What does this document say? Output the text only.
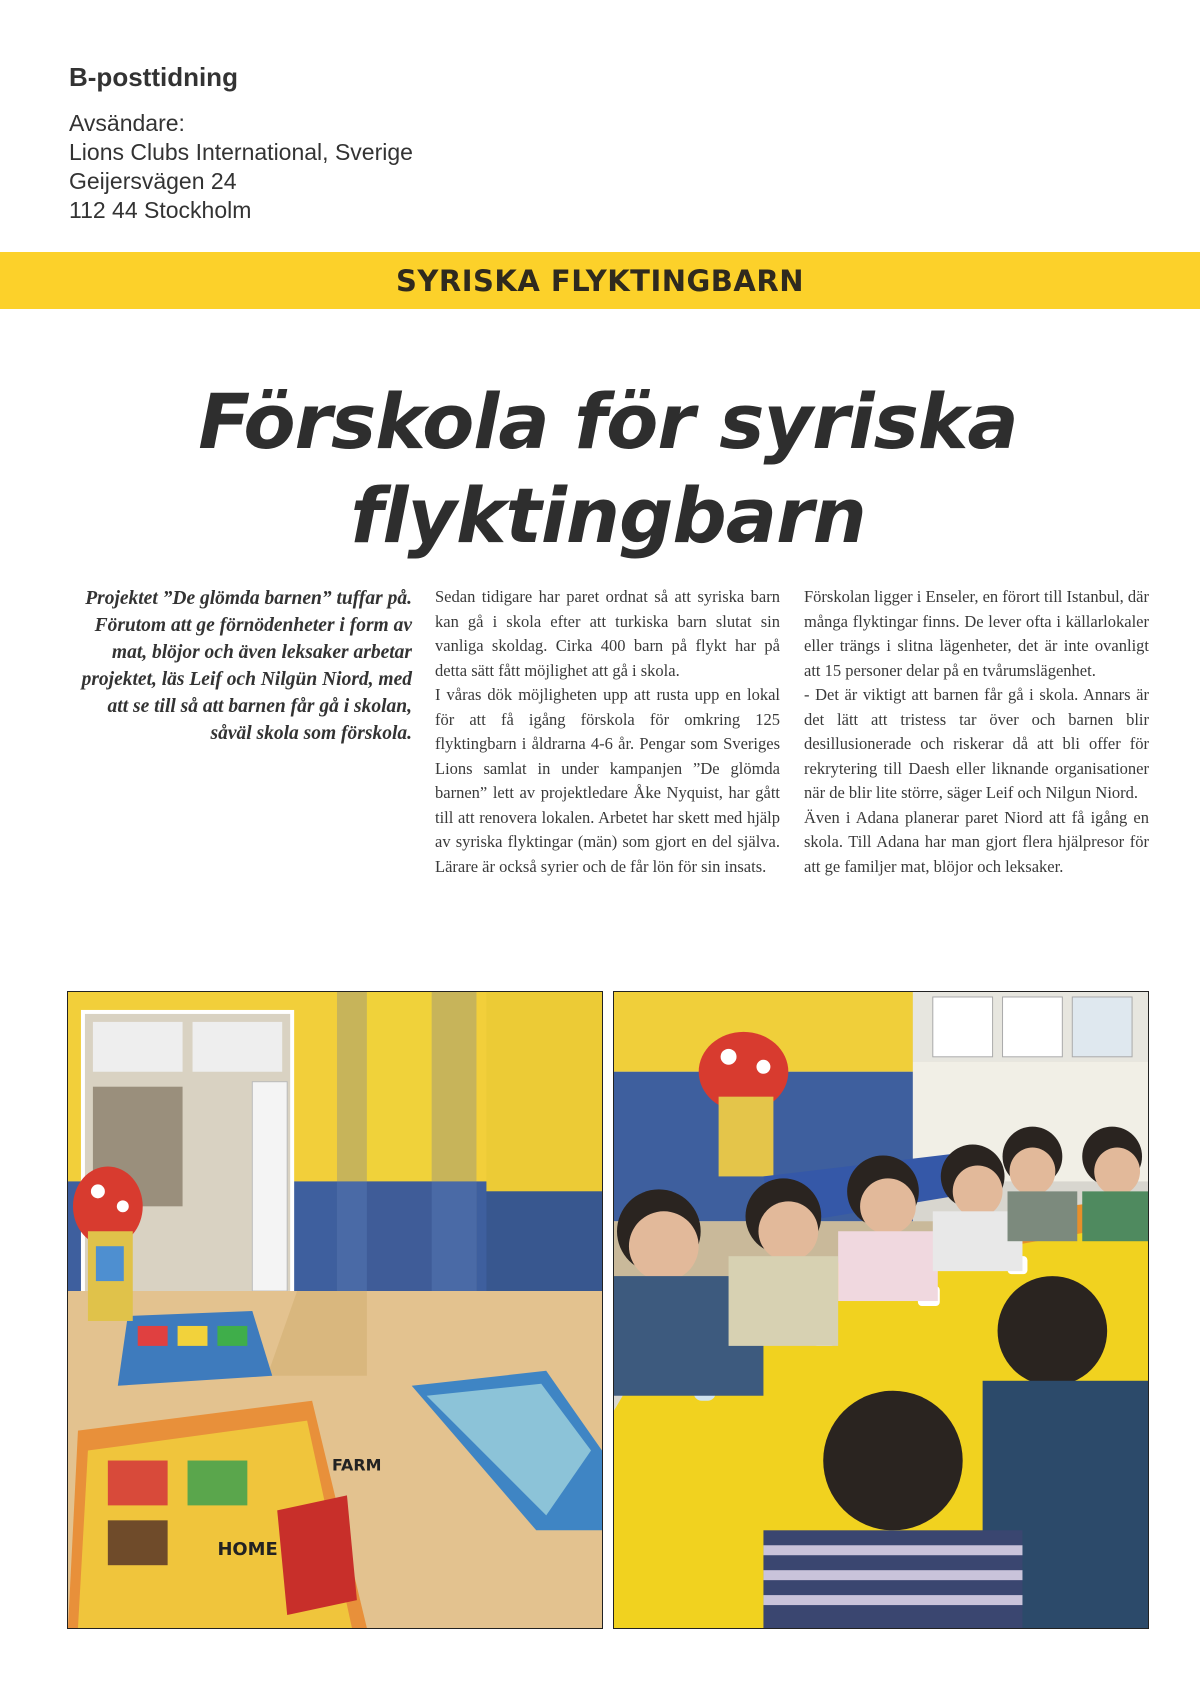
B-posttidning
Avsändare:
Lions Clubs International, Sverige
Geijersvägen 24
112 44 Stockholm
SYRISKA FLYKTINGBARN
Förskola för syriska
flyktingbarn

Projektet ”De glömda barnen” tuffar på. Förutom att ge förnödenheter i form av mat, blöjor och även leksaker arbetar projektet, läs Leif och Nilgün Niord, med att se till så att barnen får gå i skolan, såväl skola som förskola.

Sedan tidigare har paret ordnat så att syriska barn kan gå i skola efter att turkiska barn slutat sin vanliga skoldag. Cirka 400 barn på flykt har på detta sätt fått möjlighet att gå i skola.

I våras dök möjligheten upp att rusta upp en lokal för att få igång förskola för omkring 125 flyktingbarn i åldrarna 4-6 år. Pengar som Sveriges Lions samlat in under kampanjen ”De glömda barnen” lett av projektledare Åke Nyquist, har gått till att renovera lokalen. Arbetet har skett med hjälp av syriska flyktingar (män) som gjort en del själva. Lärare är också syrier och de får lön för sin insats.

Förskolan ligger i Enseler, en förort till Istanbul, där många flyktingar finns. De lever ofta i källarlokaler eller trängs i slitna lägenheter, det är inte ovanligt att 15 personer delar på en tvårumslägenhet.

- Det är viktigt att barnen får gå i skola. Annars är det lätt att tristess tar över och barnen blir desillusionerade och riskerar då att bli offer för rekrytering till Daesh eller liknande organisationer när de blir lite större, säger Leif och Nilgun Niord.

Även i Adana planerar paret Niord att få igång en skola. Till Adana har man gjort flera hjälpresor för att ge familjer mat, blöjor och leksaker.

HOME
FARM
